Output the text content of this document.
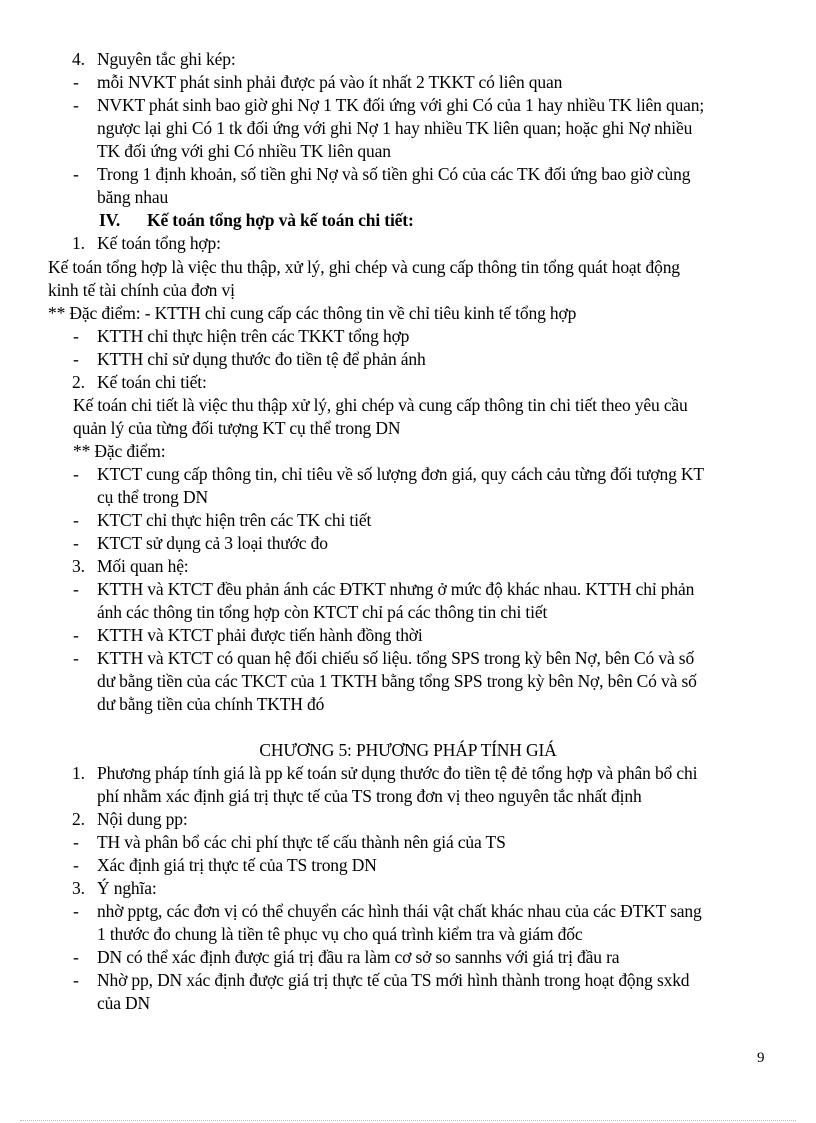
4. Nguyên tắc ghi kép:
- mỗi NVKT phát sinh phải được pá vào ít nhất 2 TKKT có liên quan
- NVKT phát sinh bao giờ ghi Nợ 1 TK đối ứng với ghi Có của 1 hay nhiều TK liên quan;
ngược lại ghi Có 1 tk đối ứng với ghi Nợ 1 hay nhiều TK liên quan; hoặc ghi Nợ nhiều
TK đối ứng với ghi Có nhiều TK liên quan
- Trong 1 định khoản, số tiền ghi Nợ và số tiền ghi Có của các TK đối ứng bao giờ cùng
băng nhau
IV. Kế toán tổng hợp và kế toán chi tiết:
1. Kế toán tổng hợp:
Kế toán tổng hợp là việc thu thập, xử lý, ghi chép và cung cấp thông tin tổng quát hoạt động
kinh tế tài chính của đơn vị
** Đặc điểm: - KTTH chỉ cung cấp các thông tin về chỉ tiêu kinh tế tổng hợp
- KTTH chỉ thực hiện trên các TKKT tổng hợp
- KTTH chỉ sử dụng thước đo tiền tệ để phản ánh
2. Kế toán chi tiết:
Kế toán chi tiết là việc thu thập xử lý, ghi chép và cung cấp thông tin chi tiết theo yêu cầu
quản lý của từng đối tượng KT cụ thể trong DN
** Đặc điểm:
- KTCT cung cấp thông tin, chỉ tiêu về số lượng đơn giá, quy cách cảu từng đối tượng KT
cụ thể trong DN
- KTCT chỉ thực hiện trên các TK chi tiết
- KTCT sử dụng cả 3 loại thước đo
3. Mối quan hệ:
- KTTH và KTCT đều phản ánh các ĐTKT nhưng ở mức độ khác nhau. KTTH chỉ phản
ánh các thông tin tổng hợp còn KTCT chỉ pá các thông tin chi tiết
- KTTH và KTCT phải được tiến hành đồng thời
- KTTH và KTCT có quan hệ đối chiếu số liệu. tổng SPS trong kỳ bên Nợ, bên Có và số
dư bằng tiền của các TKCT của 1 TKTH bằng tổng SPS trong kỳ bên Nợ, bên Có và số
dư bằng tiền của chính TKTH đó
CHƯƠNG 5: PHƯƠNG PHÁP TÍNH GIÁ
1. Phương pháp tính giá là pp kế toán sử dụng thước đo tiền tệ đẻ tổng hợp và phân bổ chi
phí nhằm xác định giá trị thực tế của TS trong đơn vị theo nguyên tắc nhất định
2. Nội dung pp:
- TH và phân bổ các chi phí thực tế cấu thành nên giá của TS
- Xác định giá trị thực tế của TS trong DN
3. Ý nghĩa:
- nhờ pptg, các đơn vị có thể chuyển các hình thái vật chất khác nhau của các ĐTKT sang
1 thước đo chung là tiền tê phục vụ cho quá trình kiểm tra và giám đốc
- DN có thể xác định được giá trị đầu ra làm cơ sở so sannhs với giá trị đầu ra
- Nhờ pp, DN xác định được giá trị thực tế của TS mới hình thành trong hoạt động sxkd
của DN
9
